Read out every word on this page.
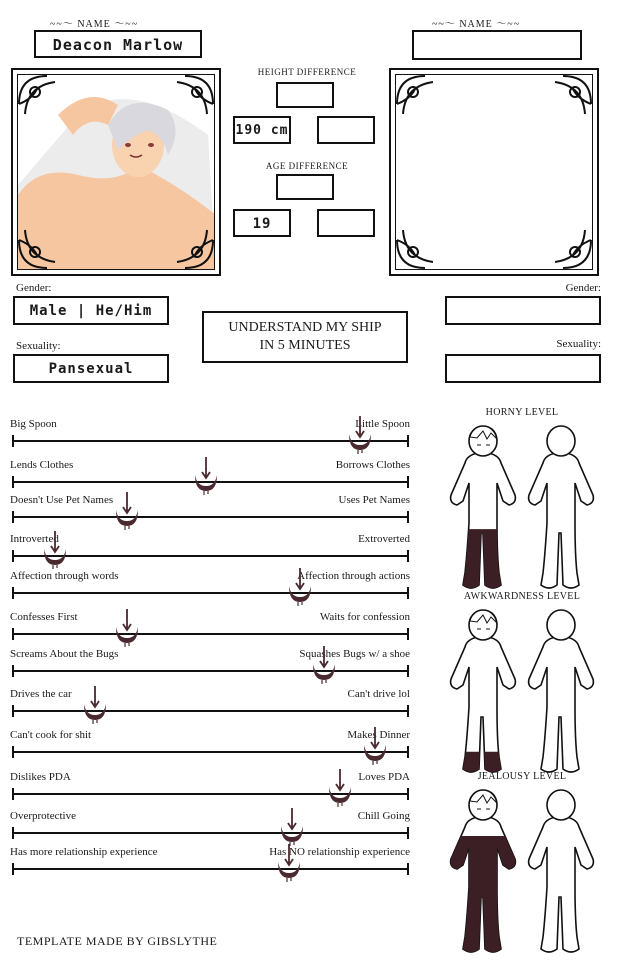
~~〜 NAME 〜~~
Deacon Marlow
~~〜 NAME 〜~~
HEIGHT DIFFERENCE
190 cm
AGE DIFFERENCE
19
Gender:
Male | He/Him
Sexuality:
Pansexual
Gender:
Sexuality:
UNDERSTAND MY SHIP
IN 5 MINUTES
Big Spoon	Little Spoon
Lends Clothes	Borrows Clothes
Doesn't Use Pet Names	Uses Pet Names
Introverted	Extroverted
Affection through words	Affection through actions
Confesses First	Waits for confession
Screams About the Bugs	Squashes Bugs w/ a shoe
Drives the car	Can't drive lol
Can't cook for shit	Makes Dinner
Dislikes PDA	Loves PDA
Overprotective	Chill Going
Has more relationship experience	Has NO relationship experience
HORNY LEVEL
AWKWARDNESS LEVEL
JEALOUSY LEVEL
TEMPLATE MADE BY GIBSLYTHE
